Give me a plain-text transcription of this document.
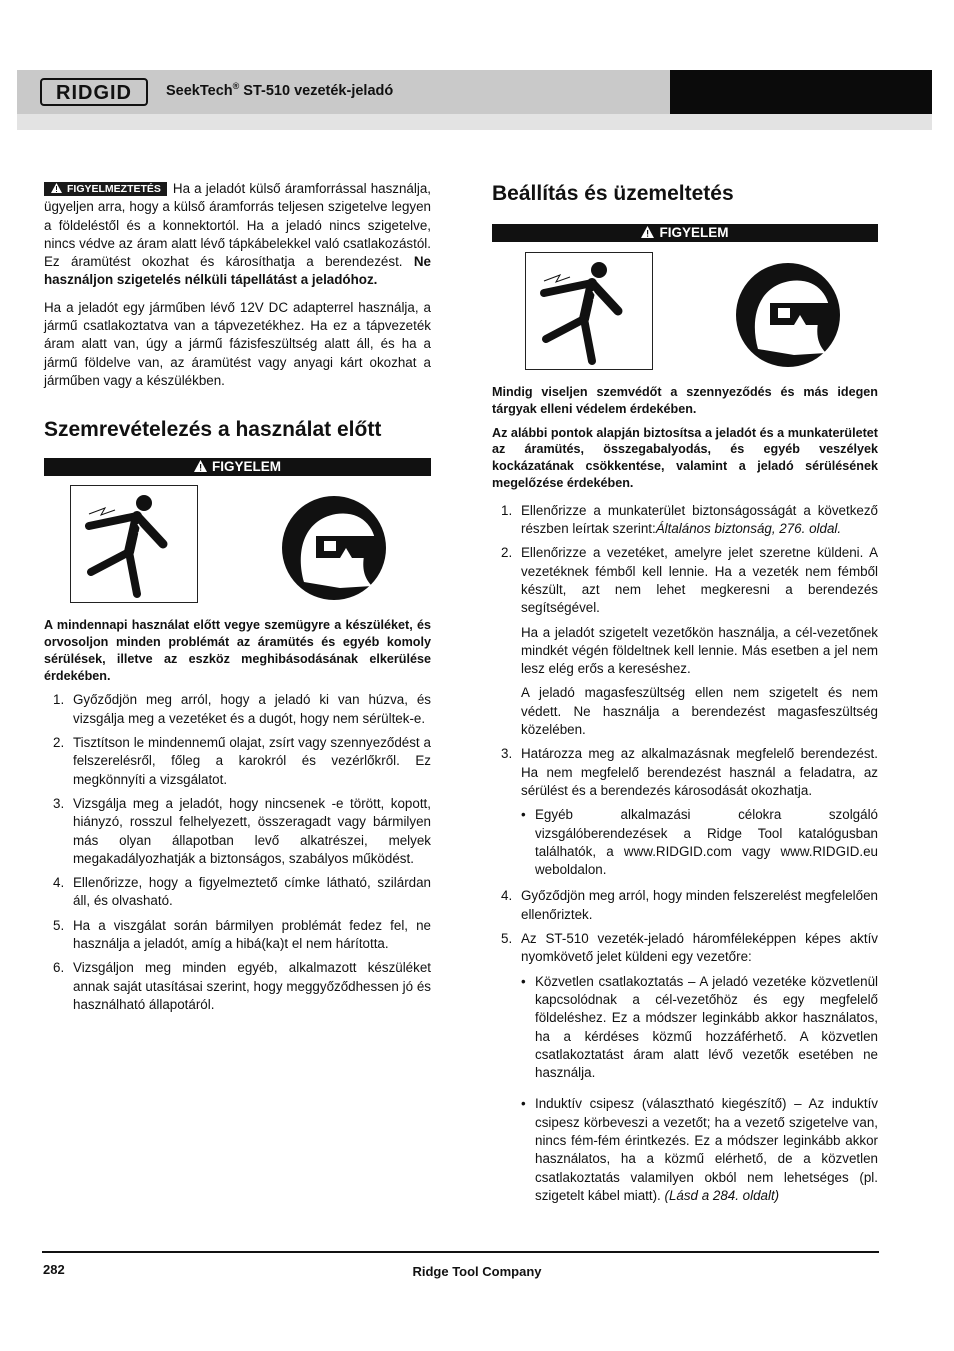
RIDGID SeekTech® ST-510 vezeték-jeladó

FIGYELMEZTETÉS Ha a jeladót külső áramforrással használja, ügyeljen arra, hogy a külső áramforrás teljesen szigetelve legyen a földeléstől és a konnektortól. Ha a jeladó nincs szigetelve, nincs védve az áram alatt lévő tápkábelekkel való csatlakozástól. Ez áramütést okozhat és károsíthatja a berendezést. Ne használjon szigetelés nélküli tápellátást a jeladóhoz.

Ha a jeladót egy járműben lévő 12V DC adapterrel használja, a jármű csatlakoztatva van a tápvezetékhez. Ha ez a tápvezeték áram alatt van, úgy a jármű fázisfeszültség alatt áll, és ha a jármű földelve van, az áramütést vagy anyagi kárt okozhat a járműben vagy a készülékben.

Szemrevételezés a használat előtt
FIGYELEM

A mindennapi használat előtt vegye szemügyre a készüléket, és orvosoljon minden problémát az áramütés és egyéb komoly sérülések, illetve az eszköz meghibásodásának elkerülése érdekében.

1. Győződjön meg arról, hogy a jeladó ki van húzva, és vizsgálja meg a vezetéket és a dugót, hogy nem sérültek-e.
2. Tisztítson le mindennemű olajat, zsírt vagy szennyeződést a felszerelésről, főleg a karokról és vezérlőkről. Ez megkönnyíti a vizsgálatot.
3. Vizsgálja meg a jeladót, hogy nincsenek -e törött, kopott, hiányzó, rosszul felhelyezett, összeragadt vagy bármilyen más olyan állapotban levő alkatrészei, melyek megakadályozhatják a biztonságos, szabályos működést.
4. Ellenőrizze, hogy a figyelmeztető címke látható, szilárdan áll, és olvasható.
5. Ha a viszgálat során bármilyen problémát fedez fel, ne használja a jeladót, amíg a hibá(ka)t el nem hárította.
6. Vizsgáljon meg minden egyéb, alkalmazott készüléket annak saját utasításai szerint, hogy meggyőződhessen jó és használható állapotáról.
Beállítás és üzemeltetés
FIGYELEM

Mindig viseljen szemvédőt a szennyeződés és más idegen tárgyak elleni védelem érdekében.

Az alábbi pontok alapján biztosítsa a jeladót és a munkaterületet az áramütés, összegabalyodás, és egyéb veszélyek kockázatának csökkentése, valamint a jeladó sérülésének megelőzése érdekében.

1. Ellenőrizze a munkaterület biztonságosságát a következő részben leírtak szerint:Általános biztonság, 276. oldal.
2. Ellenőrizze a vezetéket, amelyre jelet szeretne küldeni. A vezetéknek fémből kell lennie. Ha a vezeték nem fémből készült, azt nem lehet megkeresni a berendezés segítségével.

Ha a jeladót szigetelt vezetőkön használja, a cél-vezetőnek mindkét végén földeltnek kell lennie. Más esetben a jel nem lesz elég erős a kereséshez.

A jeladó magasfeszültség ellen nem szigetelt és nem védett. Ne használja a berendezést magasfeszültség közelében.

3. Határozza meg az alkalmazásnak megfelelő berendezést. Ha nem megfelelő berendezést használ a feladatra, az sérülést és a berendezés károsodását okozhatja.

• Egyéb alkalmazási célokra szolgáló vizsgálóberendezések a Ridge Tool katalógusban találhatók, a www.RIDGID.com vagy www.RIDGID.eu weboldalon.
4. Győződjön meg arról, hogy minden felszerelést megfelelően ellenőriztek.
5. Az ST-510 vezeték-jeladó háromféleképpen képes aktív nyomkövető jelet küldeni egy vezetőre:

• Közvetlen csatlakoztatás – A jeladó vezetéke közvetlenül kapcsolódnak a cél-vezetőhöz és egy megfelelő földeléshez. Ez a módszer leginkább akkor használatos, ha a kérdéses közmű hozzáférhető. A közvetlen csatlakoztatást áram alatt lévő vezetők esetében ne használja.
• Induktív csipesz (választható kiegészítő) – Az induktív csipesz körbeveszi a vezetőt; ha a vezető szigetelve van, nincs fém-fém érintkezés. Ez a módszer leginkább akkor használatos, ha a közmű elérhető, de a közvetlen csatlakoztatás valamilyen okból nem lehetséges (pl. szigetelt kábel miatt). (Lásd a 284. oldalt)
282	Ridge Tool Company
